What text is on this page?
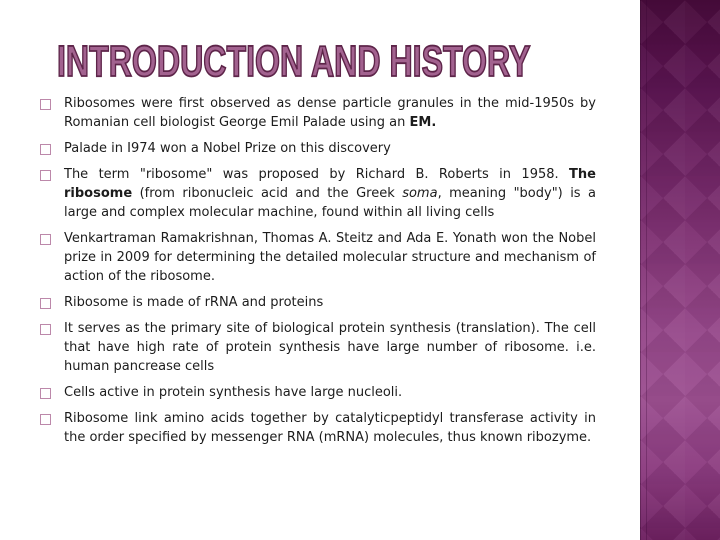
INTRODUCTION AND HISTORY

Ribosomes were first observed as dense particle granules in the mid-1950s by Romanian cell biologist George Emil Palade using an EM.

Palade in I974 won a Nobel Prize on this discovery

The term "ribosome" was proposed by Richard B. Roberts in 1958. The ribosome (from ribonucleic acid and the Greek soma, meaning "body") is a large and complex molecular machine, found within all living cells

Venkartraman Ramakrishnan, Thomas A. Steitz and Ada E. Yonath won the Nobel prize in 2009 for determining the detailed molecular structure and mechanism of action of the ribosome.

Ribosome is made of rRNA and proteins

It serves as the primary site of biological protein synthesis (translation). The cell that have high rate of protein synthesis have large number of ribosome. i.e. human pancrease cells

Cells active in protein synthesis have large nucleoli.

Ribosome link amino acids together by catalyticpeptidyl transferase activity in the order specified by messenger RNA (mRNA) molecules, thus known ribozyme.
